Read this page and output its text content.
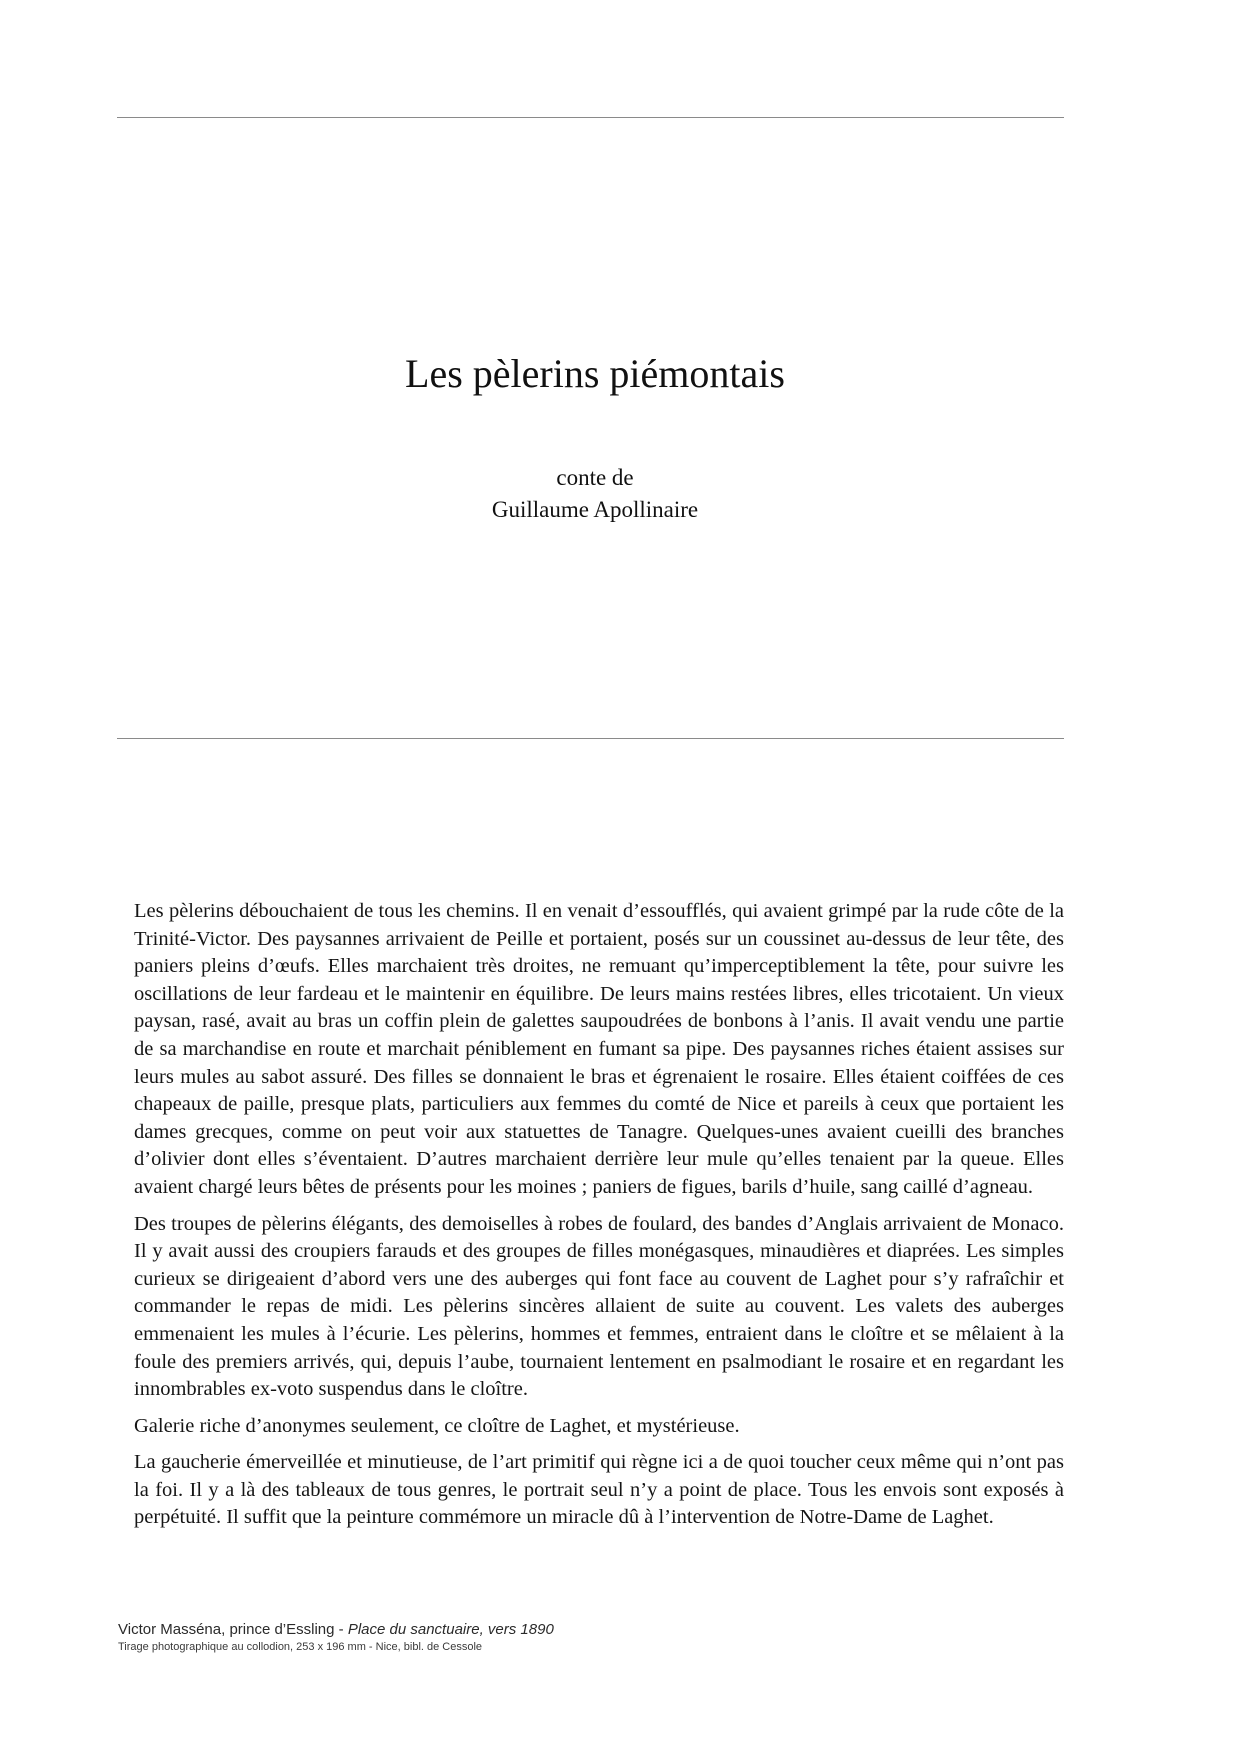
Les pèlerins piémontais
conte de
Guillaume Apollinaire

Les pèlerins débouchaient de tous les chemins. Il en venait d’essoufflés, qui avaient grimpé par la rude côte de la Trinité-Victor. Des paysannes arrivaient de Peille et portaient, posés sur un coussinet au-dessus de leur tête, des paniers pleins d’œufs. Elles marchaient très droites, ne remuant qu’imperceptiblement la tête, pour suivre les oscillations de leur fardeau et le maintenir en équilibre. De leurs mains restées libres, elles tricotaient. Un vieux paysan, rasé, avait au bras un coffin plein de galettes saupoudrées de bonbons à l’anis. Il avait vendu une partie de sa marchandise en route et marchait péniblement en fumant sa pipe. Des paysannes riches étaient assises sur leurs mules au sabot assuré. Des filles se donnaient le bras et égrenaient le rosaire. Elles étaient coiffées de ces chapeaux de paille, presque plats, particuliers aux femmes du comté de Nice et pareils à ceux que portaient les dames grecques, comme on peut voir aux statuettes de Tanagre. Quelques-unes avaient cueilli des branches d’olivier dont elles s’éventaient. D’autres marchaient derrière leur mule qu’elles tenaient par la queue. Elles avaient chargé leurs bêtes de présents pour les moines ; paniers de figues, barils d’huile, sang caillé d’agneau.

Des troupes de pèlerins élégants, des demoiselles à robes de foulard, des bandes d’Anglais arrivaient de Monaco. Il y avait aussi des croupiers farauds et des groupes de filles monégasques, minaudières et diaprées. Les simples curieux se dirigeaient d’abord vers une des auberges qui font face au couvent de Laghet pour s’y rafraîchir et commander le repas de midi. Les pèlerins sincères allaient de suite au couvent. Les valets des auberges emmenaient les mules à l’écurie. Les pèlerins, hommes et femmes, entraient dans le cloître et se mêlaient à la foule des premiers arrivés, qui, depuis l’aube, tournaient lentement en psalmodiant le rosaire et en regardant les innombrables ex-voto suspendus dans le cloître.

Galerie riche d’anonymes seulement, ce cloître de Laghet, et mystérieuse.

La gaucherie émerveillée et minutieuse, de l’art primitif qui règne ici a de quoi toucher ceux même qui n’ont pas la foi. Il y a là des tableaux de tous genres, le portrait seul n’y a point de place. Tous les envois sont exposés à perpétuité. Il suffit que la peinture commémore un miracle dû à l’intervention de Notre-Dame de Laghet.

Victor Masséna, prince d’Essling - Place du sanctuaire, vers 1890
Tirage photographique au collodion, 253 x 196 mm - Nice, bibl. de Cessole
